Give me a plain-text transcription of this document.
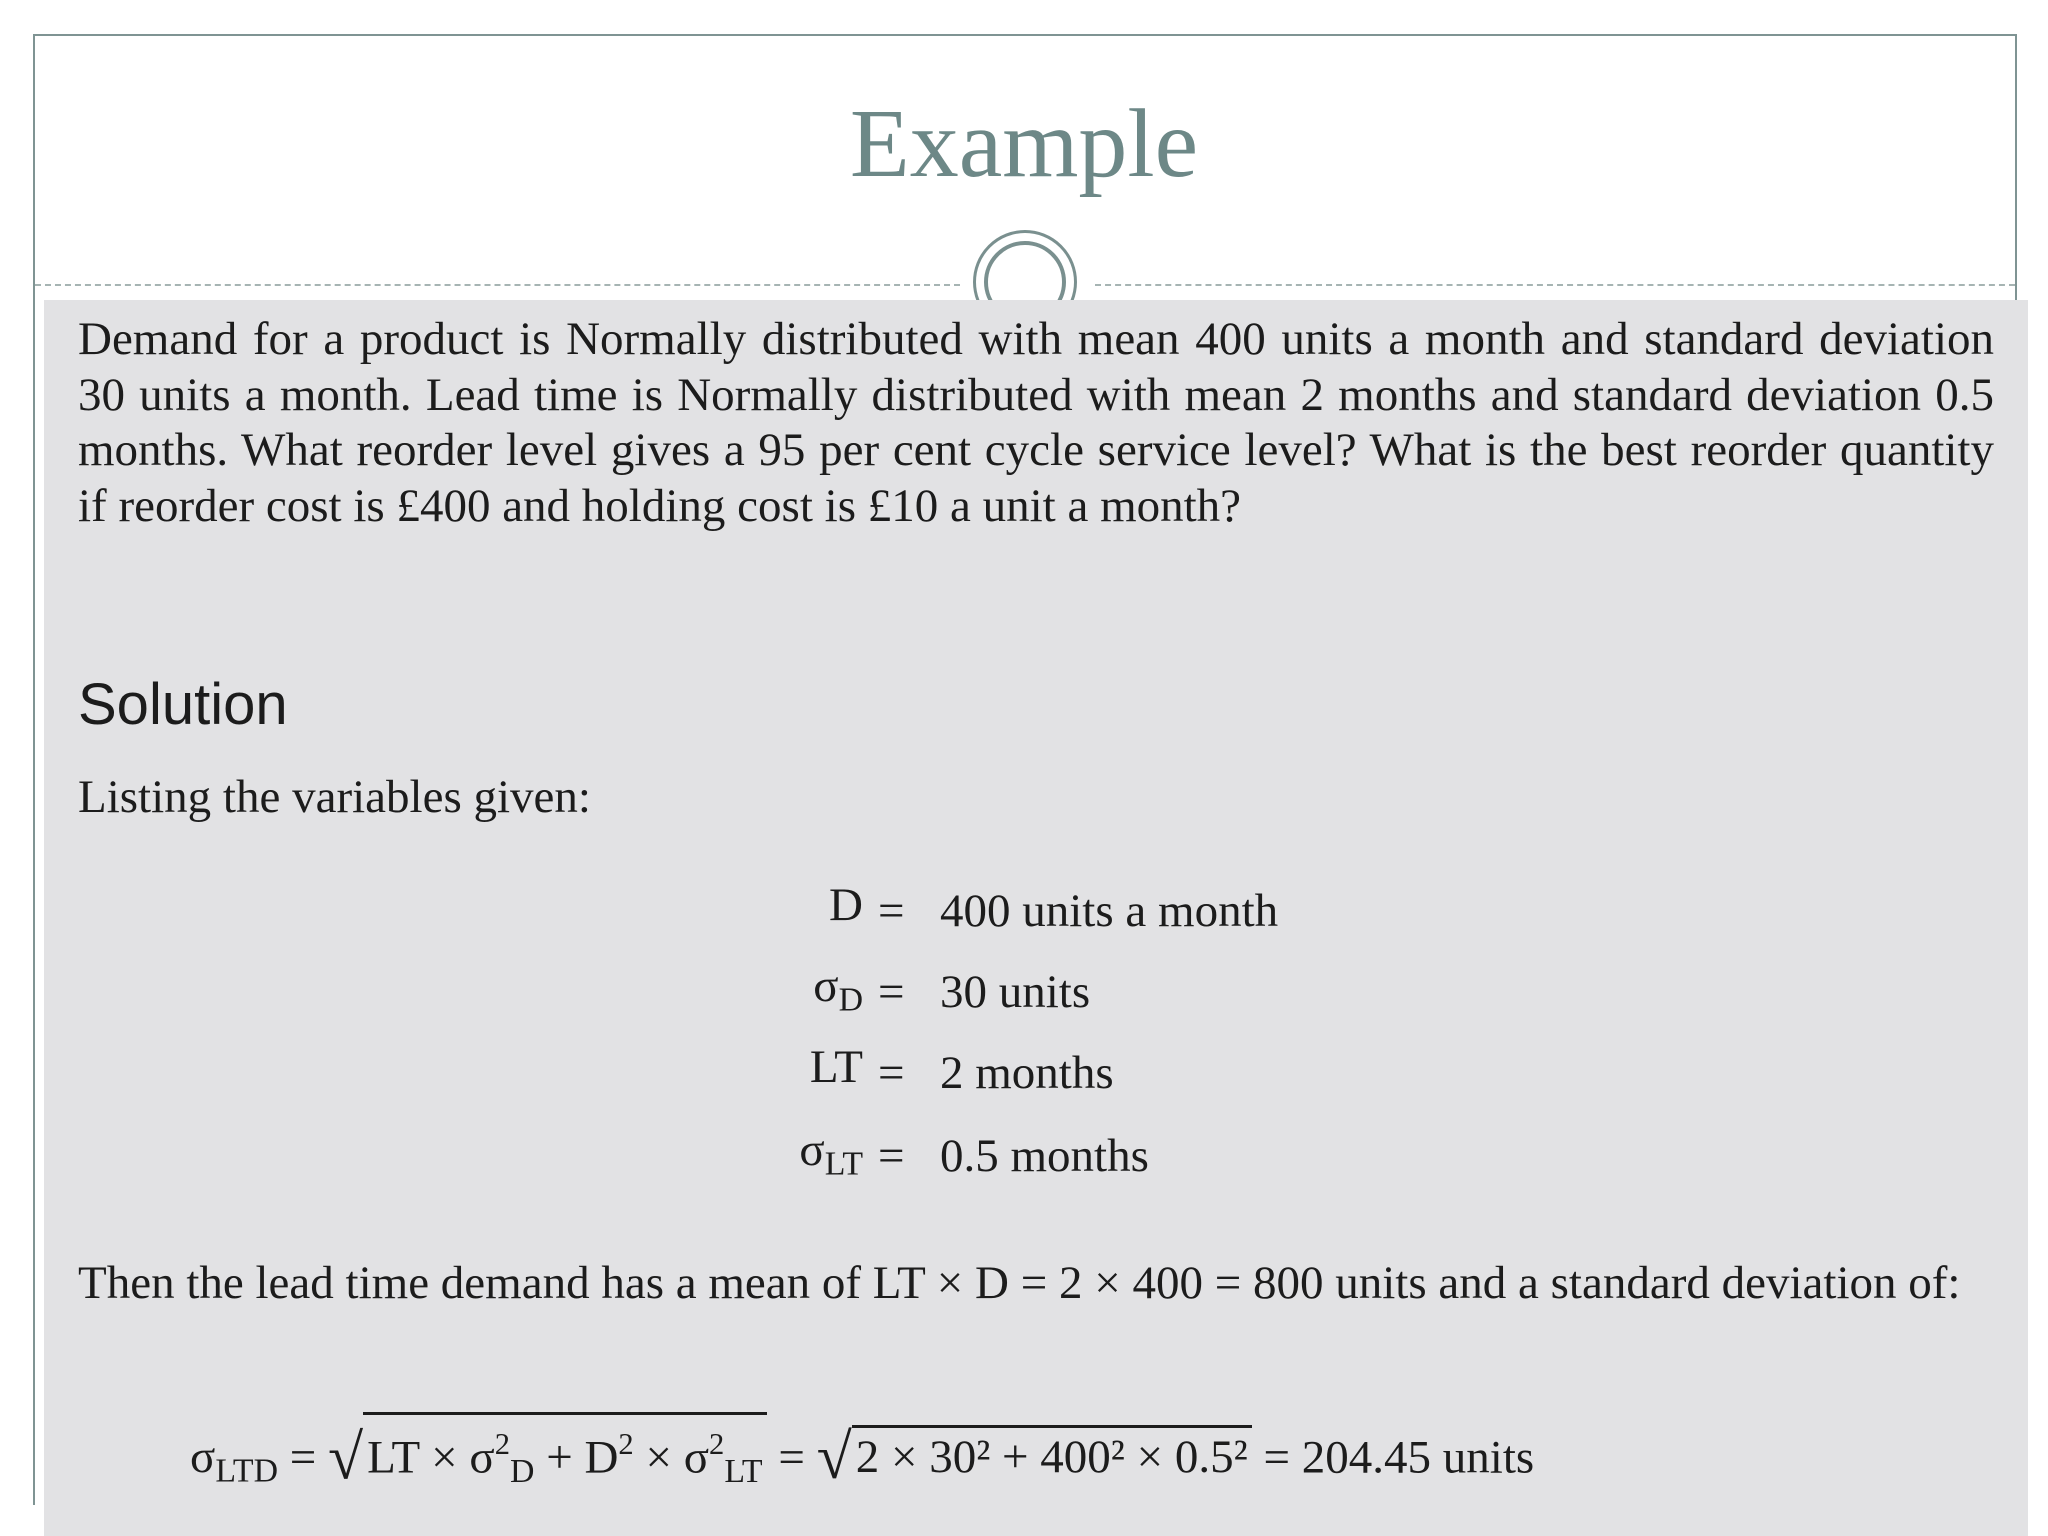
Example

Demand for a product is Normally distributed with mean 400 units a month and standard deviation 30 units a month. Lead time is Normally distributed with mean 2 months and standard deviation 0.5 months. What reorder level gives a 95 per cent cycle service level? What is the best reorder quantity if reorder cost is £400 and holding cost is £10 a unit a month?

Solution
Listing the variables given:
D = 400 units a month
$\sigma_D = 30$ units
LT = 2 months
$\sigma_{LT} = 0.5$ months

Then the lead time demand has a mean of LT × D = 2 × 400 = 800 units and a standard deviation of:

$\sigma_{LTD} = √LT \times \sigma^2_D + D^2 \times \sigma^2_{LT} = √2 \times 30^2 + 400^2 \times 0.5^2 = 204.45$ units
